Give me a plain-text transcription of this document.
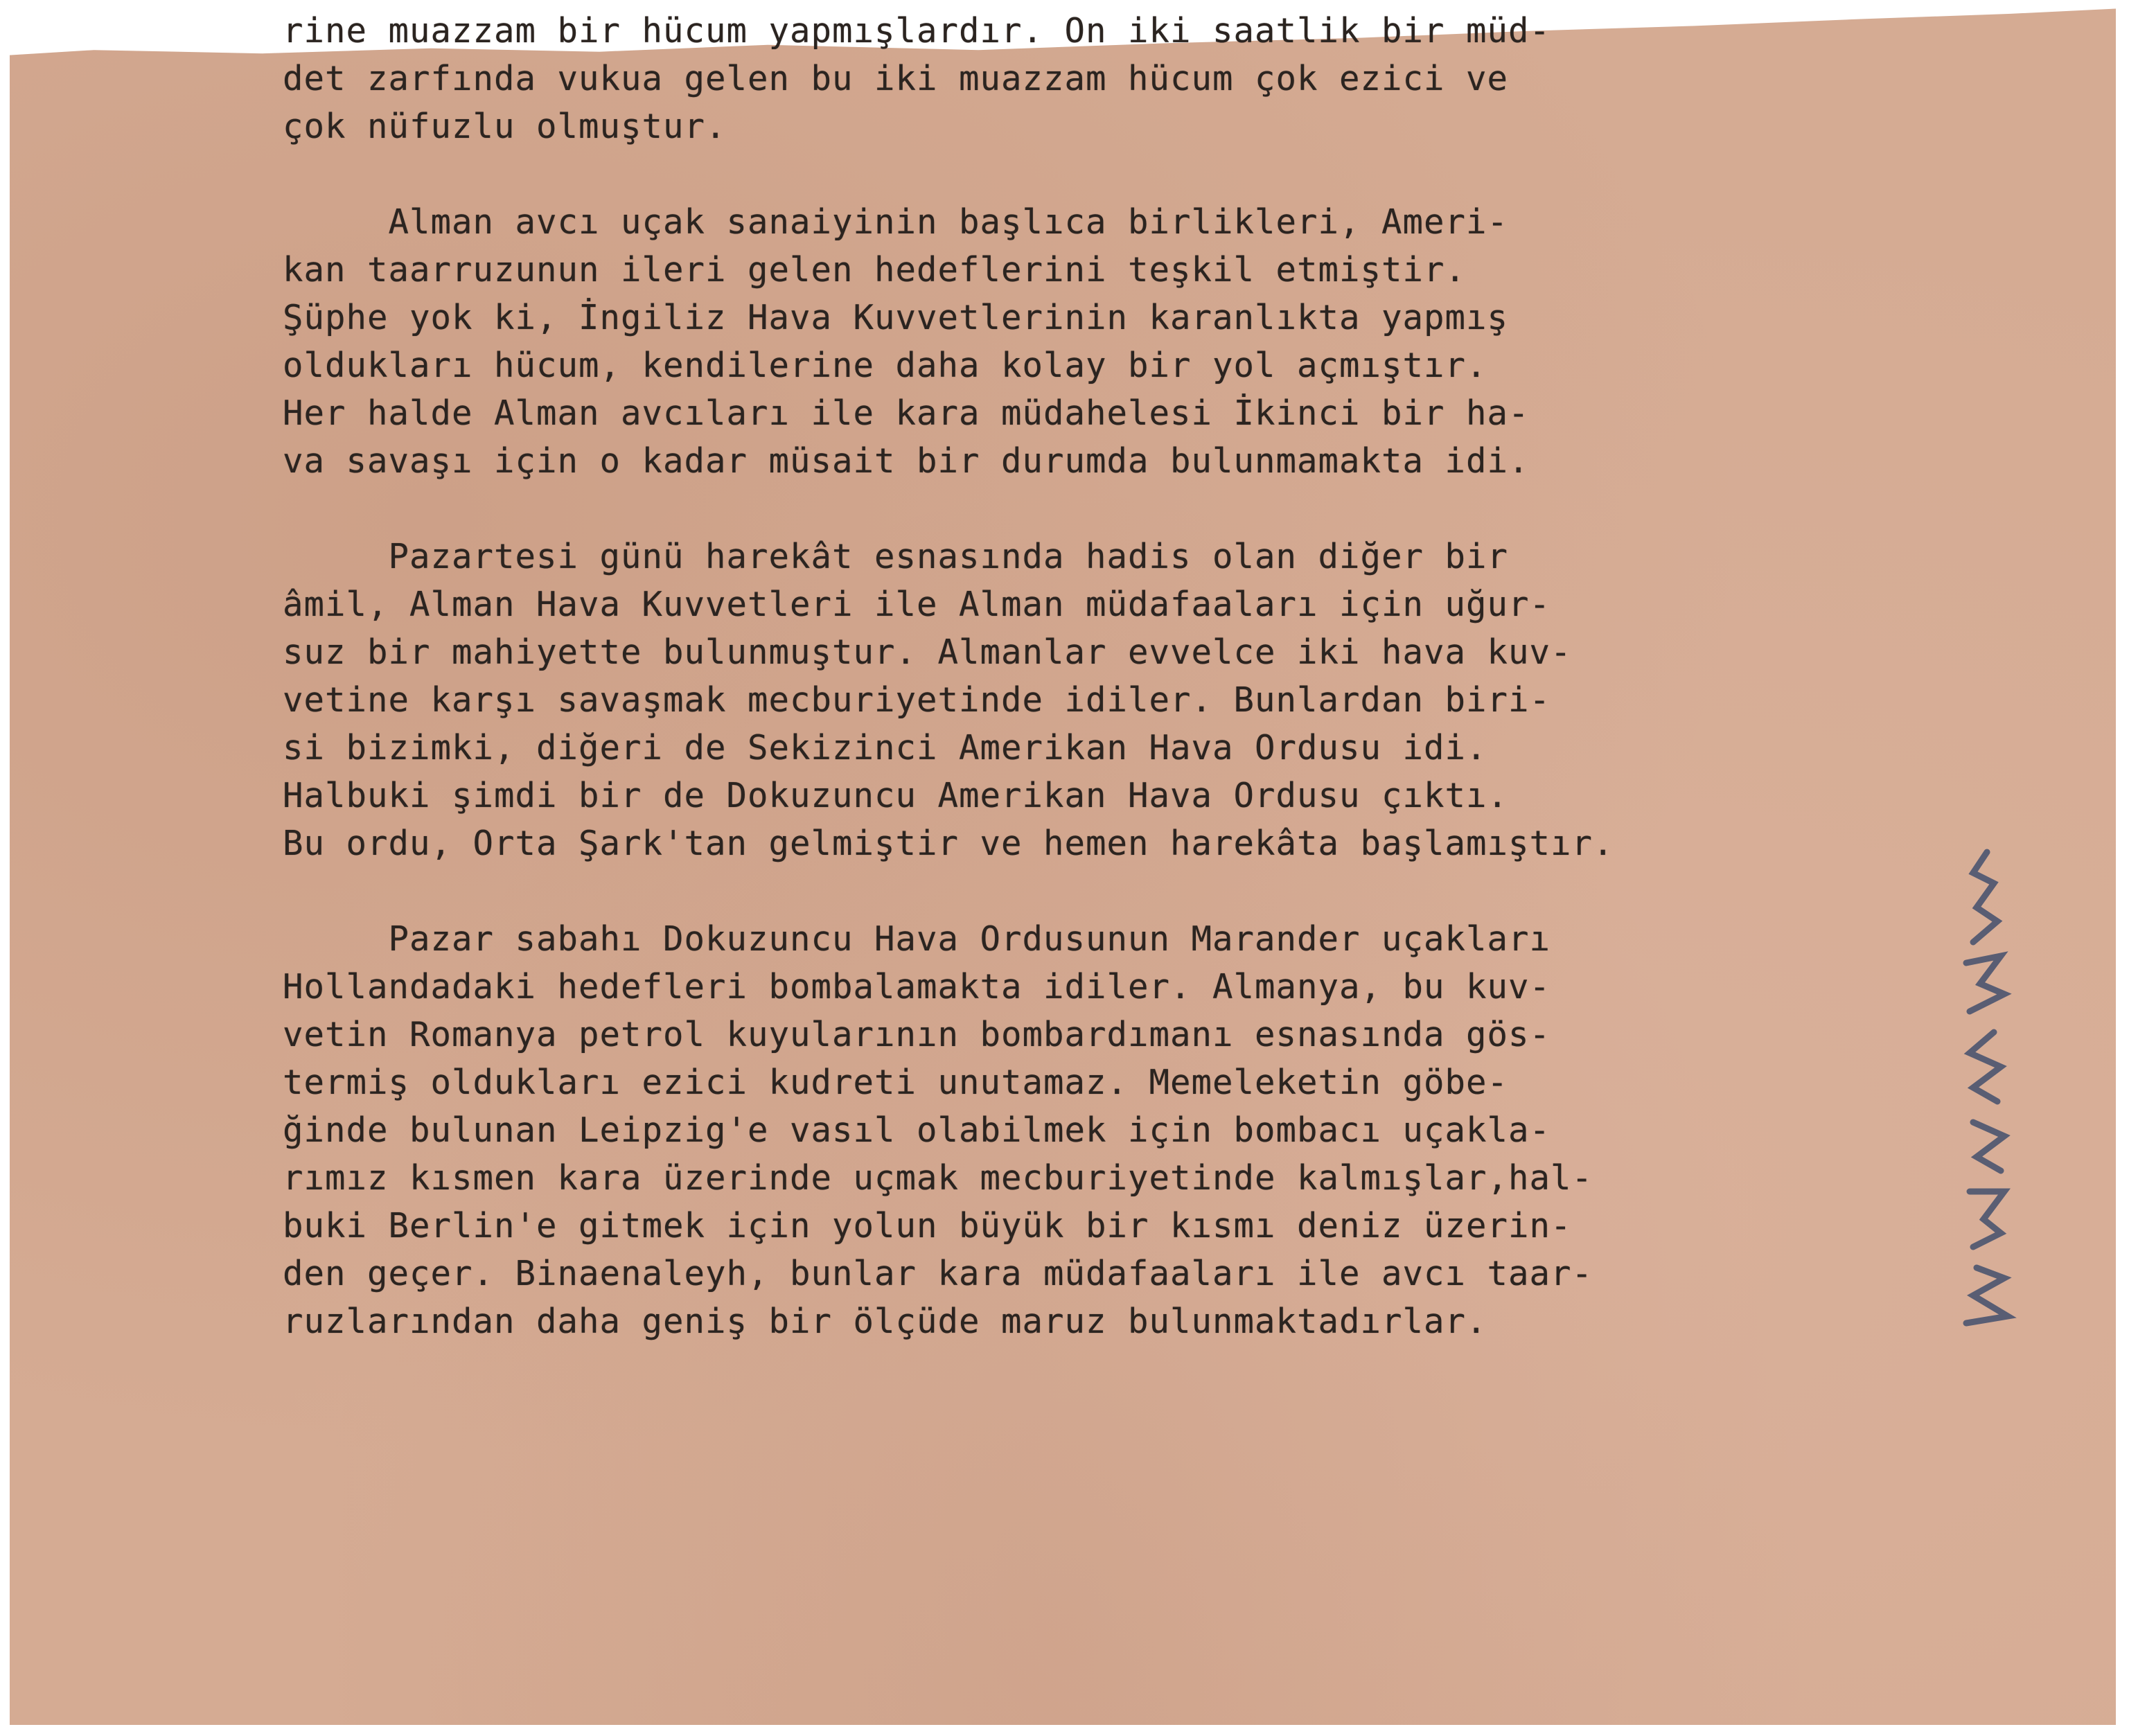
rine muazzam bir hücum yapmışlardır. On iki saatlik bir müd-
det zarfında vukua gelen bu iki muazzam hücum çok ezici ve
çok nüfuzlu olmuştur.

Alman avcı uçak sanaiyinin başlıca birlikleri, Ameri-
kan taarruzunun ileri gelen hedeflerini teşkil etmiştir.
Şüphe yok ki, İngiliz Hava Kuvvetlerinin karanlıkta yapmış
oldukları hücum, kendilerine daha kolay bir yol açmıştır.
Her halde Alman avcıları ile kara müdahelesi İkinci bir ha-
va savaşı için o kadar müsait bir durumda bulunmamakta idi.

Pazartesi günü harekât esnasında hadis olan diğer bir
âmil, Alman Hava Kuvvetleri ile Alman müdafaaları için uğur-
suz bir mahiyette bulunmuştur. Almanlar evvelce iki hava kuv-
vetine karşı savaşmak mecburiyetinde idiler. Bunlardan biri-
si bizimki, diğeri de Sekizinci Amerikan Hava Ordusu idi.
Halbuki şimdi bir de Dokuzuncu Amerikan Hava Ordusu çıktı.
Bu ordu, Orta Şark'tan gelmiştir ve hemen harekâta başlamıştır.

Pazar sabahı Dokuzuncu Hava Ordusunun Marander uçakları
Hollandadaki hedefleri bombalamakta idiler. Almanya, bu kuv-
vetin Romanya petrol kuyularının bombardımanı esnasında gös-
termiş oldukları ezici kudreti unutamaz. Memeleketin göbe-
ğinde bulunan Leipzig'e vasıl olabilmek için bombacı uçakla-
rımız kısmen kara üzerinde uçmak mecburiyetinde kalmışlar,hal-
buki Berlin'e gitmek için yolun büyük bir kısmı deniz üzerin-
den geçer. Binaenaleyh, bunlar kara müdafaaları ile avcı taar-
ruzlarından daha geniş bir ölçüde maruz bulunmaktadırlar.
